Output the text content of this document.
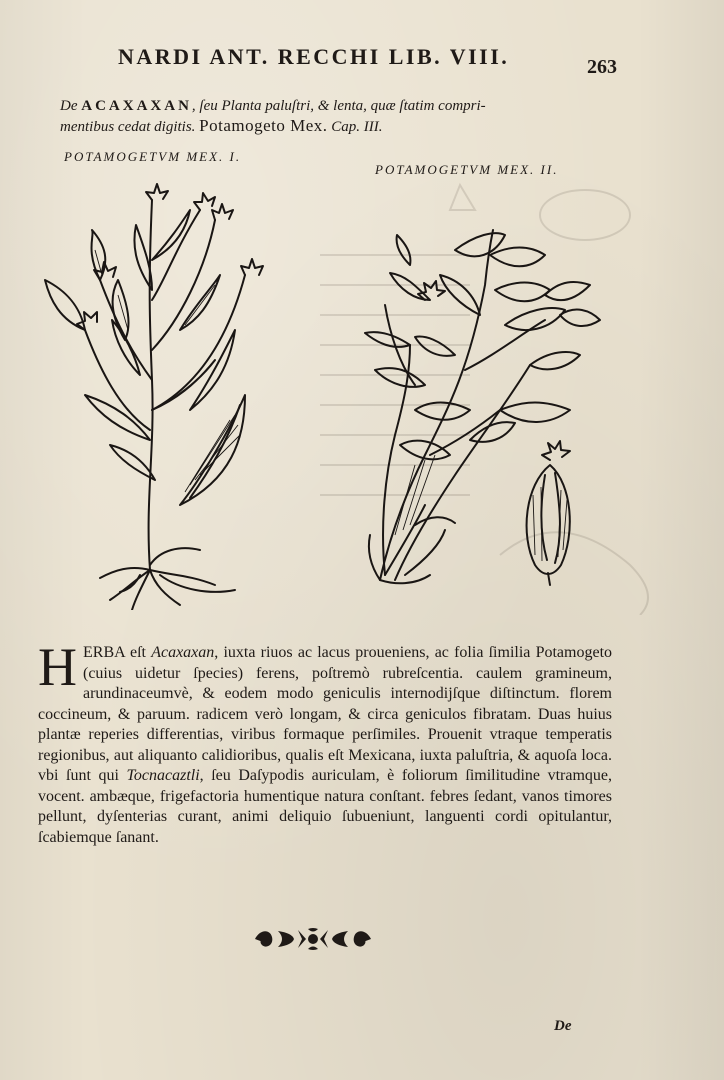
NARDI ANT. RECCHI LIB. VIII.	263
De ACAXAXAN, ſeu Planta paluſtri, & lenta, quæ ſtatim compri-
mentibus cedat digitis. Potamogeto Mex. Cap. III.
POTAMOGETVM MEX. I.
POTAMOGETVM MEX. II.
HERBA eſt Acaxaxan, iuxta riuos ac lacus proueniens, ac folia ſimilia Potamogeto (cuius uidetur ſpecies) ferens, poſtremò rubreſcentia. caulem gramineum, arundinaceumvè, & eodem modo geniculis internodijſque diſtinctum. florem coccineum, & paruum. radicem verò longam, & circa geniculos fibratam. Duas huius plantæ reperies differentias, viribus formaque perſimiles. Prouenit vtraque temperatis regionibus, aut aliquanto calidioribus, qualis eſt Mexicana, iuxta paluſtria, & aquoſa loca. vbi ſunt qui Tocnacaztli, ſeu Daſypodis auriculam, è foliorum ſimilitudine vtramque, vocent. ambæque, frigefactoria humentique natura conſtant. febres ſedant, vanos timores pellunt, dyſenterias curant, animi deliquio ſubueniunt, languenti cordi opitulantur, ſcabiemque ſanant.
De
